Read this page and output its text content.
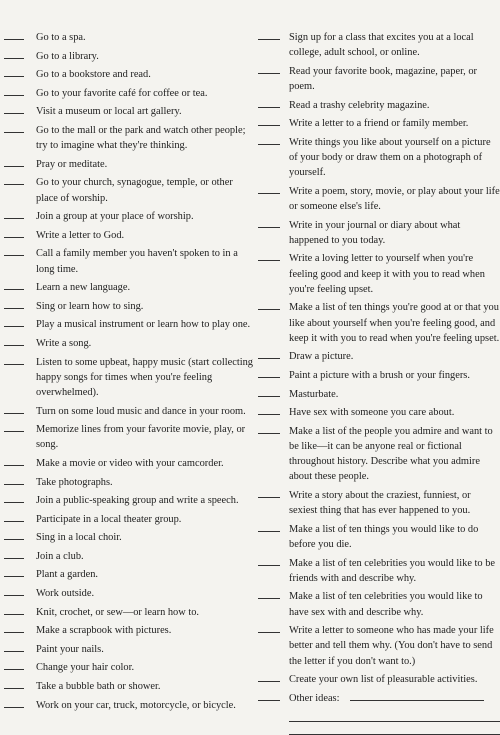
Go to a spa.
Go to a library.
Go to a bookstore and read.
Go to your favorite café for coffee or tea.
Visit a museum or local art gallery.
Go to the mall or the park and watch other people; try to imagine what they're thinking.
Pray or meditate.
Go to your church, synagogue, temple, or other place of worship.
Join a group at your place of worship.
Write a letter to God.
Call a family member you haven't spoken to in a long time.
Learn a new language.
Sing or learn how to sing.
Play a musical instrument or learn how to play one.
Write a song.
Listen to some upbeat, happy music (start collecting happy songs for times when you're feeling overwhelmed).
Turn on some loud music and dance in your room.
Memorize lines from your favorite movie, play, or song.
Make a movie or video with your camcorder.
Take photographs.
Join a public-speaking group and write a speech.
Participate in a local theater group.
Sing in a local choir.
Join a club.
Plant a garden.
Work outside.
Knit, crochet, or sew—or learn how to.
Make a scrapbook with pictures.
Paint your nails.
Change your hair color.
Take a bubble bath or shower.
Work on your car, truck, motorcycle, or bicycle.
Sign up for a class that excites you at a local college, adult school, or online.
Read your favorite book, magazine, paper, or poem.
Read a trashy celebrity magazine.
Write a letter to a friend or family member.
Write things you like about yourself on a picture of your body or draw them on a photograph of yourself.
Write a poem, story, movie, or play about your life or someone else's life.
Write in your journal or diary about what happened to you today.
Write a loving letter to yourself when you're feeling good and keep it with you to read when you're feeling upset.
Make a list of ten things you're good at or that you like about yourself when you're feeling good, and keep it with you to read when you're feeling upset.
Draw a picture.
Paint a picture with a brush or your fingers.
Masturbate.
Have sex with someone you care about.
Make a list of the people you admire and want to be like—it can be anyone real or fictional throughout history. Describe what you admire about these people.
Write a story about the craziest, funniest, or sexiest thing that has ever happened to you.
Make a list of ten things you would like to do before you die.
Make a list of ten celebrities you would like to be friends with and describe why.
Make a list of ten celebrities you would like to have sex with and describe why.
Write a letter to someone who has made your life better and tell them why. (You don't have to send the letter if you don't want to.)
Create your own list of pleasurable activities.
Other ideas:
